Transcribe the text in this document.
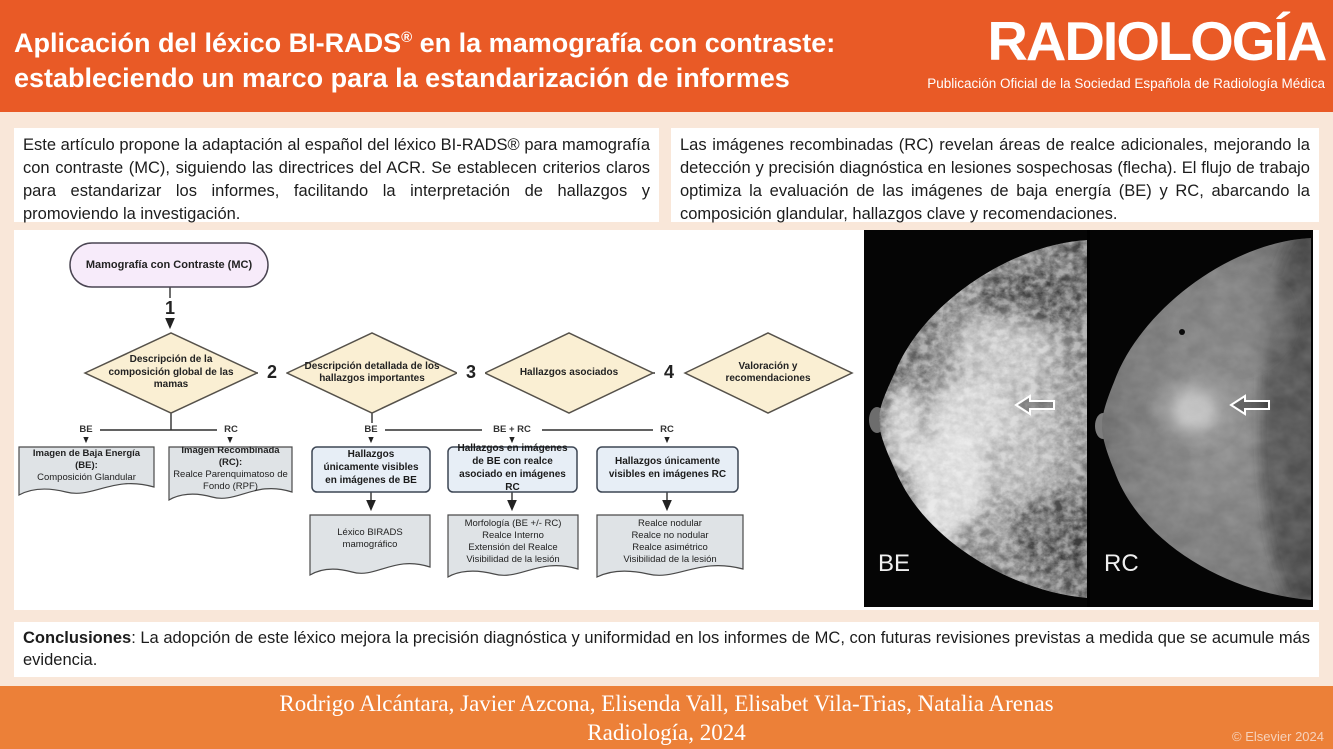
Aplicación del léxico BI-RADS® en la mamografía con contraste:
estableciendo un marco para la estandarización de informes
RADIOLOGÍA
Publicación Oficial de la Sociedad Española de Radiología Médica
Este artículo propone la adaptación al español del léxico BI-RADS® para mamografía con contraste (MC), siguiendo las directrices del ACR. Se establecen criterios claros para estandarizar los informes, facilitando la interpretación de hallazgos y promoviendo la investigación.
Las imágenes recombinadas (RC) revelan áreas de realce adicionales, mejorando la detección y precisión diagnóstica en lesiones sospechosas (flecha). El flujo de trabajo optimiza la evaluación de las imágenes de baja energía (BE) y RC, abarcando la composición glandular, hallazgos clave y recomendaciones.
Mamografía con Contraste (MC)
1
Descripción de la composición global de las mamas
2	Descripción detallada de los hallazgos importantes	3	Hallazgos asociados	4	Valoración y recomendaciones
BE	RC
Imagen de Baja Energía (BE):
Composición Glandular
Imagen Recombinada (RC):
Realce Parenquimatoso de Fondo (RPF)
BE	BE + RC	RC
Hallazgos únicamente visibles en imágenes de BE
Hallazgos en imágenes de BE con realce asociado en imágenes RC
Hallazgos únicamente visibles en imágenes RC
Léxico BIRADS mamográfico
Morfología (BE +/- RC)
Realce Interno
Extensión del Realce
Visibilidad de la lesión
Realce nodular
Realce no nodular
Realce asimétrico
Visibilidad de la lesión	BE	RC
Conclusiones: La adopción de este léxico mejora la precisión diagnóstica y uniformidad en los informes de MC, con futuras revisiones previstas a medida que se acumule más evidencia.
Rodrigo Alcántara, Javier Azcona, Elisenda Vall, Elisabet Vila-Trias, Natalia Arenas
Radiología, 2024	© Elsevier 2024
